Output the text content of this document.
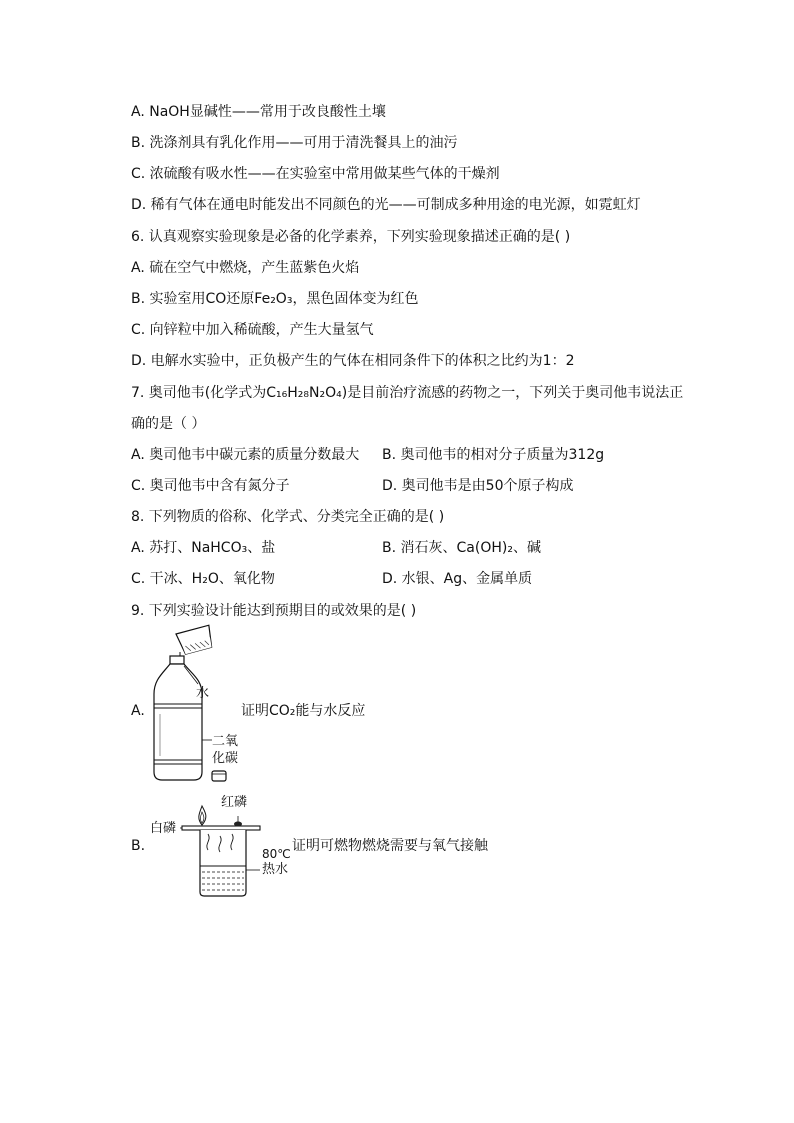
A. NaOH显碱性——常用于改良酸性土壤
B. 洗涤剂具有乳化作用——可用于清洗餐具上的油污
C. 浓硫酸有吸水性——在实验室中常用做某些气体的干燥剂
D. 稀有气体在通电时能发出不同颜色的光——可制成多种用途的电光源，如霓虹灯
6. 认真观察实验现象是必备的化学素养，下列实验现象描述正确的是( )
A. 硫在空气中燃烧，产生蓝紫色火焰
B. 实验室用CO还原Fe₂O₃，黑色固体变为红色
C. 向锌粒中加入稀硫酸，产生大量氢气
D. 电解水实验中，正负极产生的气体在相同条件下的体积之比约为1：2
7. 奥司他韦(化学式为C₁₆H₂₈N₂O₄)是目前治疗流感的药物之一，下列关于奥司他韦说法正
确的是（ ）
A. 奥司他韦中碳元素的质量分数最大 B. 奥司他韦的相对分子质量为312g
C. 奥司他韦中含有氮分子	D. 奥司他韦是由50个原子构成
8. 下列物质的俗称、化学式、分类完全正确的是( )
A. 苏打、NaHCO₃、盐	B. 消石灰、Ca(OH)₂、碱
C. 干冰、H₂O、氧化物	D. 水银、Ag、金属单质
9. 下列实验设计能达到预期目的或效果的是( )
A.
水
二氧
化碳
证明CO₂能与水反应
B.
红磷
白磷
80℃
热水
证明可燃物燃烧需要与氧气接触
